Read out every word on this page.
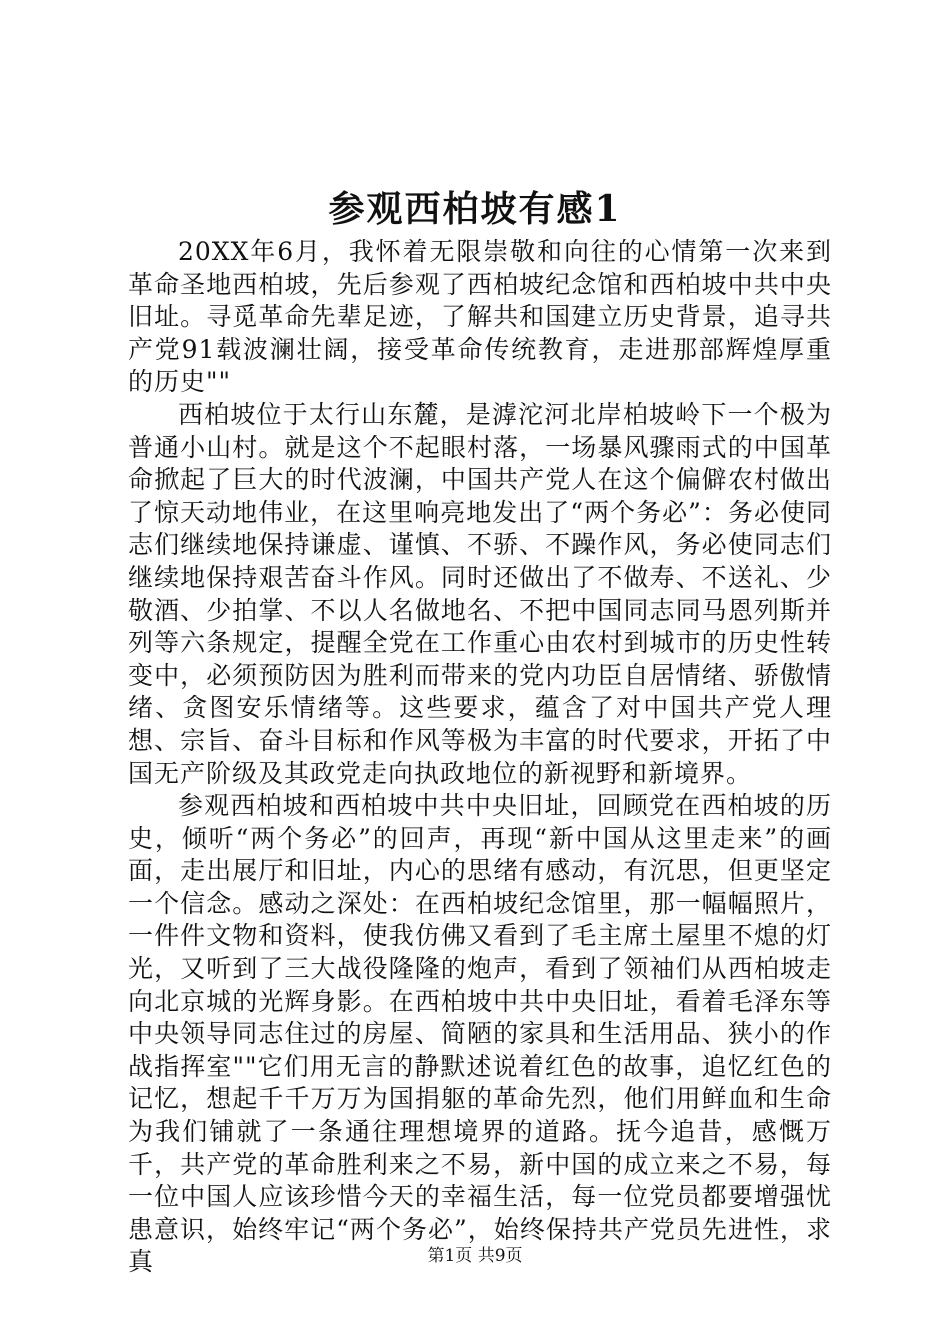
参观西柏坡有感1

20XX年6月，我怀着无限崇敬和向往的心情第一次来到革命圣地西柏坡，先后参观了西柏坡纪念馆和西柏坡中共中央旧址。寻觅革命先辈足迹，了解共和国建立历史背景，追寻共产党91载波澜壮阔，接受革命传统教育，走进那部辉煌厚重的历史""

西柏坡位于太行山东麓，是滹沱河北岸柏坡岭下一个极为普通小山村。就是这个不起眼村落，一场暴风骤雨式的中国革命掀起了巨大的时代波澜，中国共产党人在这个偏僻农村做出了惊天动地伟业，在这里响亮地发出了“两个务必”：务必使同志们继续地保持谦虚、谨慎、不骄、不躁作风，务必使同志们继续地保持艰苦奋斗作风。同时还做出了不做寿、不送礼、少敬酒、少拍掌、不以人名做地名、不把中国同志同马恩列斯并列等六条规定，提醒全党在工作重心由农村到城市的历史性转变中，必须预防因为胜利而带来的党内功臣自居情绪、骄傲情绪、贪图安乐情绪等。这些要求，蕴含了对中国共产党人理想、宗旨、奋斗目标和作风等极为丰富的时代要求，开拓了中国无产阶级及其政党走向执政地位的新视野和新境界。

参观西柏坡和西柏坡中共中央旧址，回顾党在西柏坡的历史，倾听“两个务必”的回声，再现“新中国从这里走来”的画面，走出展厅和旧址，内心的思绪有感动，有沉思，但更坚定一个信念。感动之深处：在西柏坡纪念馆里，那一幅幅照片，一件件文物和资料，使我仿佛又看到了毛主席土屋里不熄的灯光，又听到了三大战役隆隆的炮声，看到了领袖们从西柏坡走向北京城的光辉身影。在西柏坡中共中央旧址，看着毛泽东等中央领导同志住过的房屋、简陋的家具和生活用品、狭小的作战指挥室""它们用无言的静默述说着红色的故事，追忆红色的记忆，想起千千万万为国捐躯的革命先烈，他们用鲜血和生命为我们铺就了一条通往理想境界的道路。抚今追昔，感慨万千，共产党的革命胜利来之不易，新中国的成立来之不易，每一位中国人应该珍惜今天的幸福生活，每一位党员都要增强忧患意识，始终牢记“两个务必”，始终保持共产党员先进性，求真	第1页 共9页
